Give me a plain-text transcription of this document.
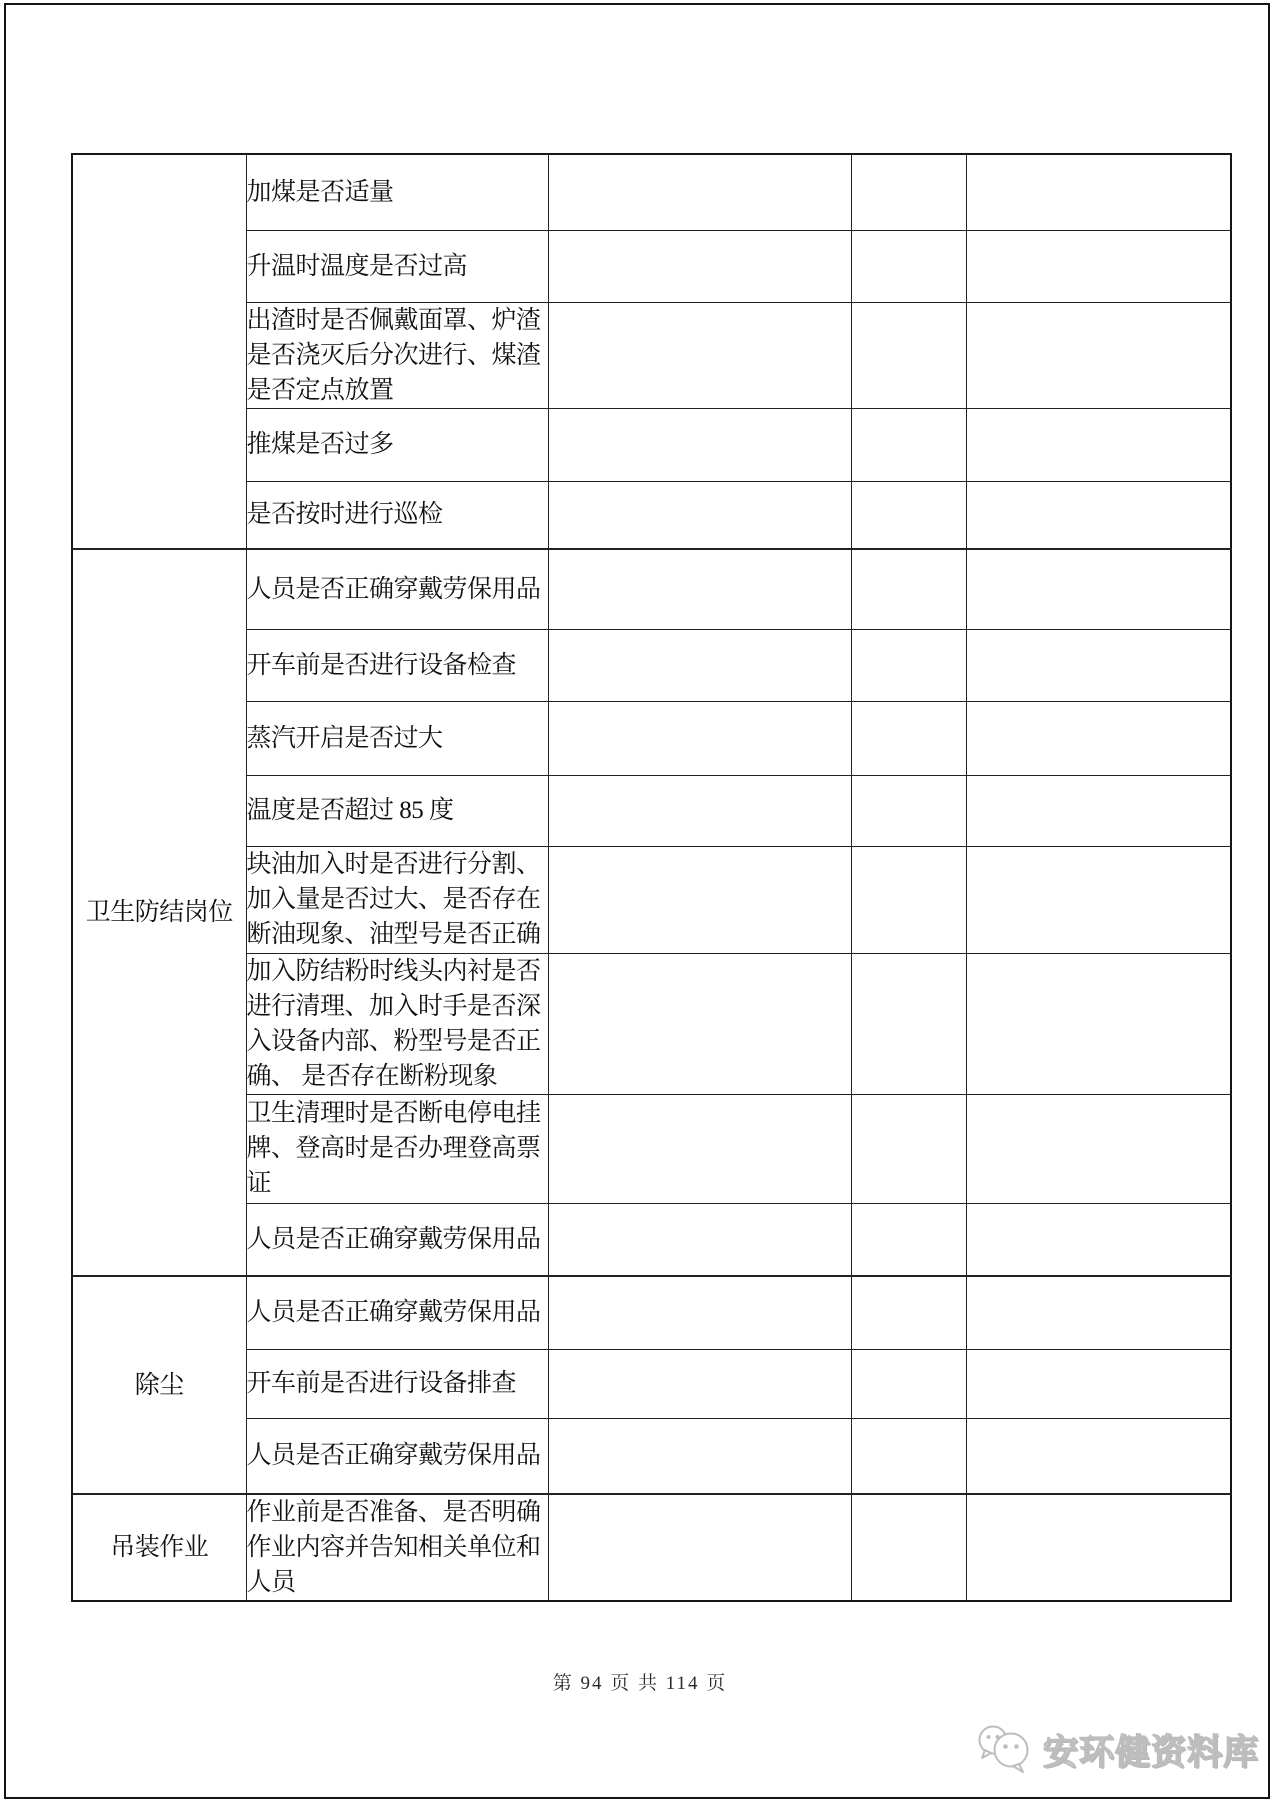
	加煤是否适量			
	升温时温度是否过高			
	出渣时是否佩戴面罩、炉渣是否浇灭后分次进行、煤渣是否定点放置			
	推煤是否过多			
	是否按时进行巡检			
卫生防结岗位	人员是否正确穿戴劳保用品			
	开车前是否进行设备检查			
	蒸汽开启是否过大			
	温度是否超过 85 度			
	块油加入时是否进行分割、加入量是否过大、是否存在断油现象、油型号是否正确			
	加入防结粉时线头内衬是否进行清理、加入时手是否深入设备内部、粉型号是否正确、 是否存在断粉现象			
	卫生清理时是否断电停电挂牌、登高时是否办理登高票证			
	人员是否正确穿戴劳保用品			
除尘	人员是否正确穿戴劳保用品			
	开车前是否进行设备排查			
	人员是否正确穿戴劳保用品			
吊装作业	作业前是否准备、是否明确作业内容并告知相关单位和人员			
第 94 页 共 114 页
安环健资料库
